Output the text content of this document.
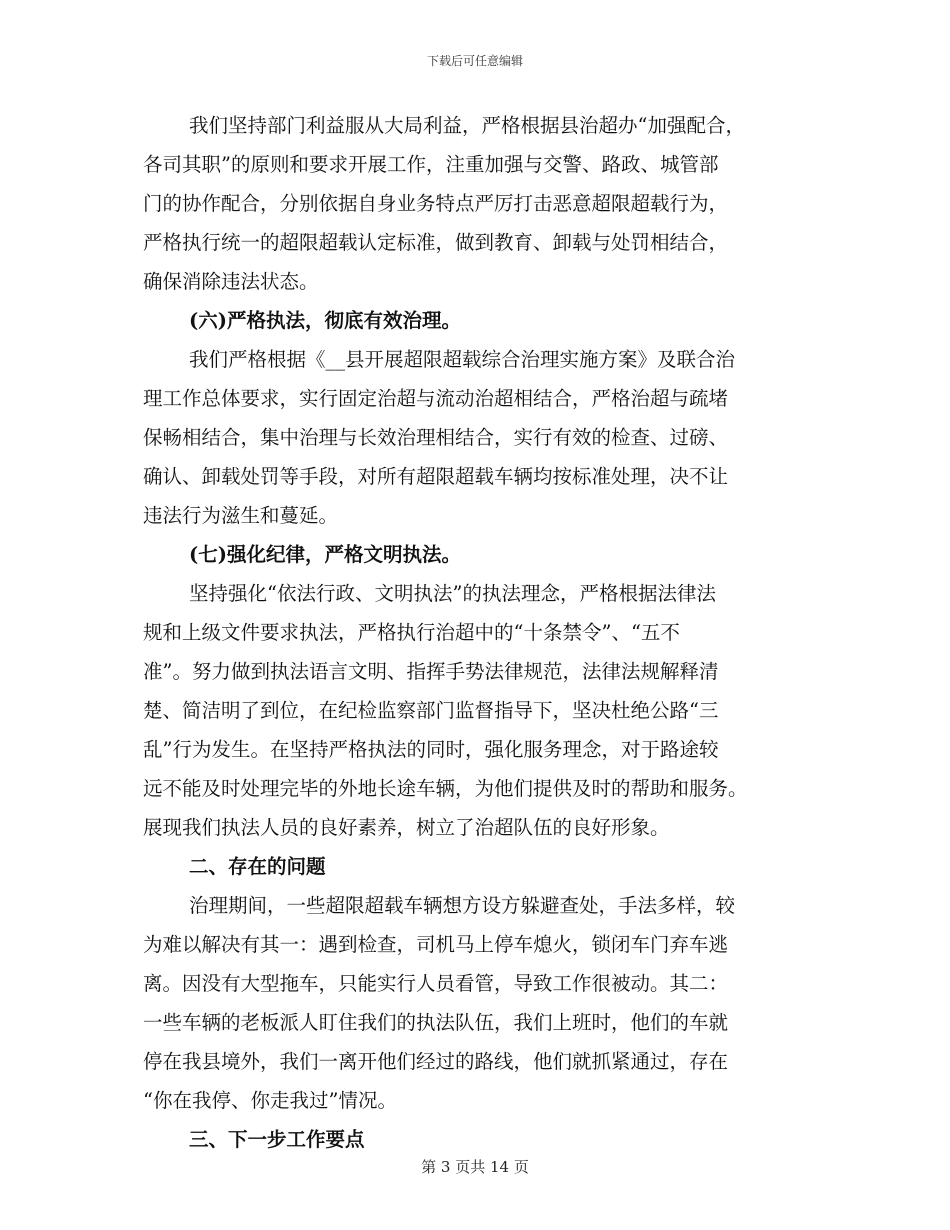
下载后可任意编辑
我们坚持部门利益服从大局利益，严格根据县治超办“加强配合，
各司其职”的原则和要求开展工作，注重加强与交警、路政、城管部
门的协作配合，分别依据自身业务特点严厉打击恶意超限超载行为，
严格执行统一的超限超载认定标准，做到教育、卸载与处罚相结合，
确保消除违法状态。
(六)严格执法，彻底有效治理。
我们严格根据《__县开展超限超载综合治理实施方案》及联合治
理工作总体要求，实行固定治超与流动治超相结合，严格治超与疏堵
保畅相结合，集中治理与长效治理相结合，实行有效的检查、过磅、
确认、卸载处罚等手段，对所有超限超载车辆均按标准处理，决不让
违法行为滋生和蔓延。
(七)强化纪律，严格文明执法。
坚持强化“依法行政、文明执法”的执法理念，严格根据法律法
规和上级文件要求执法，严格执行治超中的“十条禁令”、“五不
准”。努力做到执法语言文明、指挥手势法律规范，法律法规解释清
楚、简洁明了到位，在纪检监察部门监督指导下，坚决杜绝公路“三
乱”行为发生。在坚持严格执法的同时，强化服务理念，对于路途较
远不能及时处理完毕的外地长途车辆，为他们提供及时的帮助和服务。
展现我们执法人员的良好素养，树立了治超队伍的良好形象。
二、存在的问题
治理期间，一些超限超载车辆想方设方躲避查处，手法多样，较
为难以解决有其一：遇到检查，司机马上停车熄火，锁闭车门弃车逃
离。因没有大型拖车，只能实行人员看管，导致工作很被动。其二：
一些车辆的老板派人盯住我们的执法队伍，我们上班时，他们的车就
停在我县境外，我们一离开他们经过的路线，他们就抓紧通过，存在
“你在我停、你走我过”情况。
三、下一步工作要点
第 3 页共 14 页
